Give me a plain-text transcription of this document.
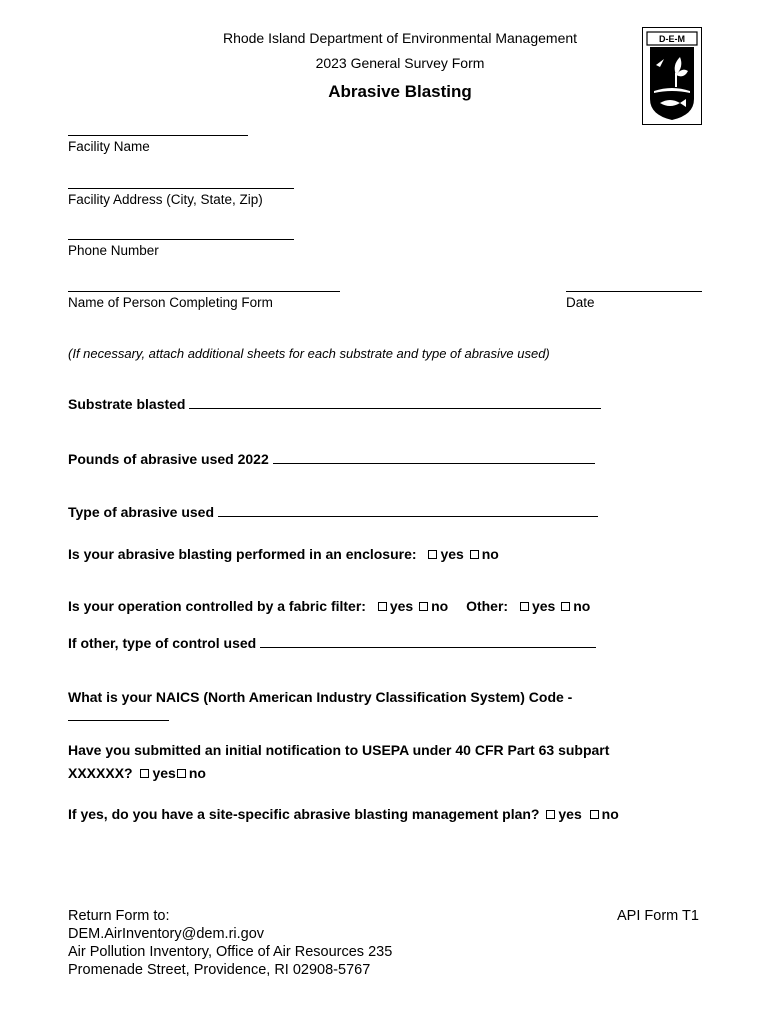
Rhode Island Department of Environmental Management
2023 General Survey Form
Abrasive Blasting
D-E-M
Facility Name
Facility Address (City, State, Zip)
Phone Number
Name of Person Completing Form	Date
(If necessary, attach additional sheets for each substrate and type of abrasive used)
Substrate blasted
Pounds of abrasive used 2022
Type of abrasive used
Is your abrasive blasting performed in an enclosure: yes no
Is your operation controlled by a fabric filter: yes no Other: yes no
If other, type of control used
What is your NAICS (North American Industry Classification System) Code -
Have you submitted an initial notification to USEPA under 40 CFR Part 63 subpart
XXXXXX? yes no
If yes, do you have a site-specific abrasive blasting management plan? yes no
Return Form to:
DEM.AirInventory@dem.ri.gov
Air Pollution Inventory, Office of Air Resources 235
Promenade Street, Providence, RI 02908-5767
API Form T1
